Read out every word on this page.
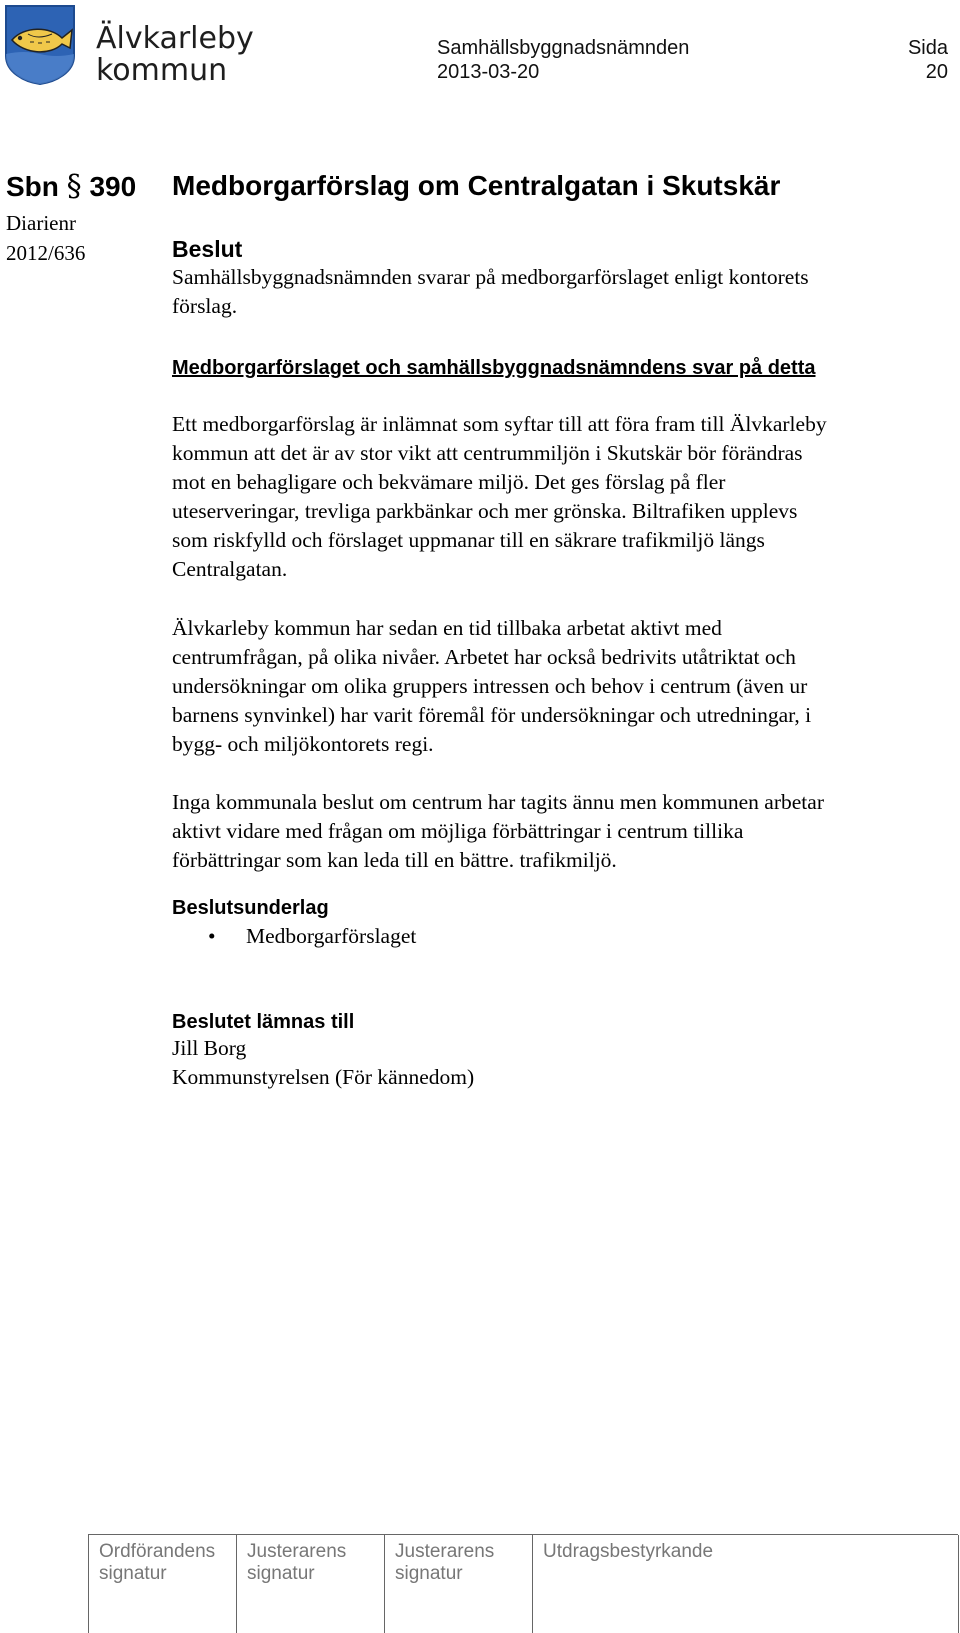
Älvkarleby
kommun
Samhällsbyggnadsnämnden
2013-03-20
Sida
20
Sbn § 390
Diarienr
2012/636
Medborgarförslag om Centralgatan i Skutskär
Beslut
Samhällsbyggnadsnämnden svarar på medborgarförslaget enligt kontorets
förslag.
Medborgarförslaget och samhällsbyggnadsnämndens svar på detta
Ett medborgarförslag är inlämnat som syftar till att föra fram till Älvkarleby
kommun att det är av stor vikt att centrummiljön i Skutskär bör förändras
mot en behagligare och bekvämare miljö. Det ges förslag på fler
uteserveringar, trevliga parkbänkar och mer grönska. Biltrafiken upplevs
som riskfylld och förslaget uppmanar till en säkrare trafikmiljö längs
Centralgatan.
Älvkarleby kommun har sedan en tid tillbaka arbetat aktivt med
centrumfrågan, på olika nivåer. Arbetet har också bedrivits utåtriktat och
undersökningar om olika gruppers intressen och behov i centrum (även ur
barnens synvinkel) har varit föremål för undersökningar och utredningar, i
bygg- och miljökontorets regi.
Inga kommunala beslut om centrum har tagits ännu men kommunen arbetar
aktivt vidare med frågan om möjliga förbättringar i centrum tillika
förbättringar som kan leda till en bättre. trafikmiljö.
Beslutsunderlag
• Medborgarförslaget
Beslutet lämnas till
Jill Borg
Kommunstyrelsen (För kännedom)
Ordförandens
signatur
Justerarens
signatur
Justerarens
signatur
Utdragsbestyrkande
